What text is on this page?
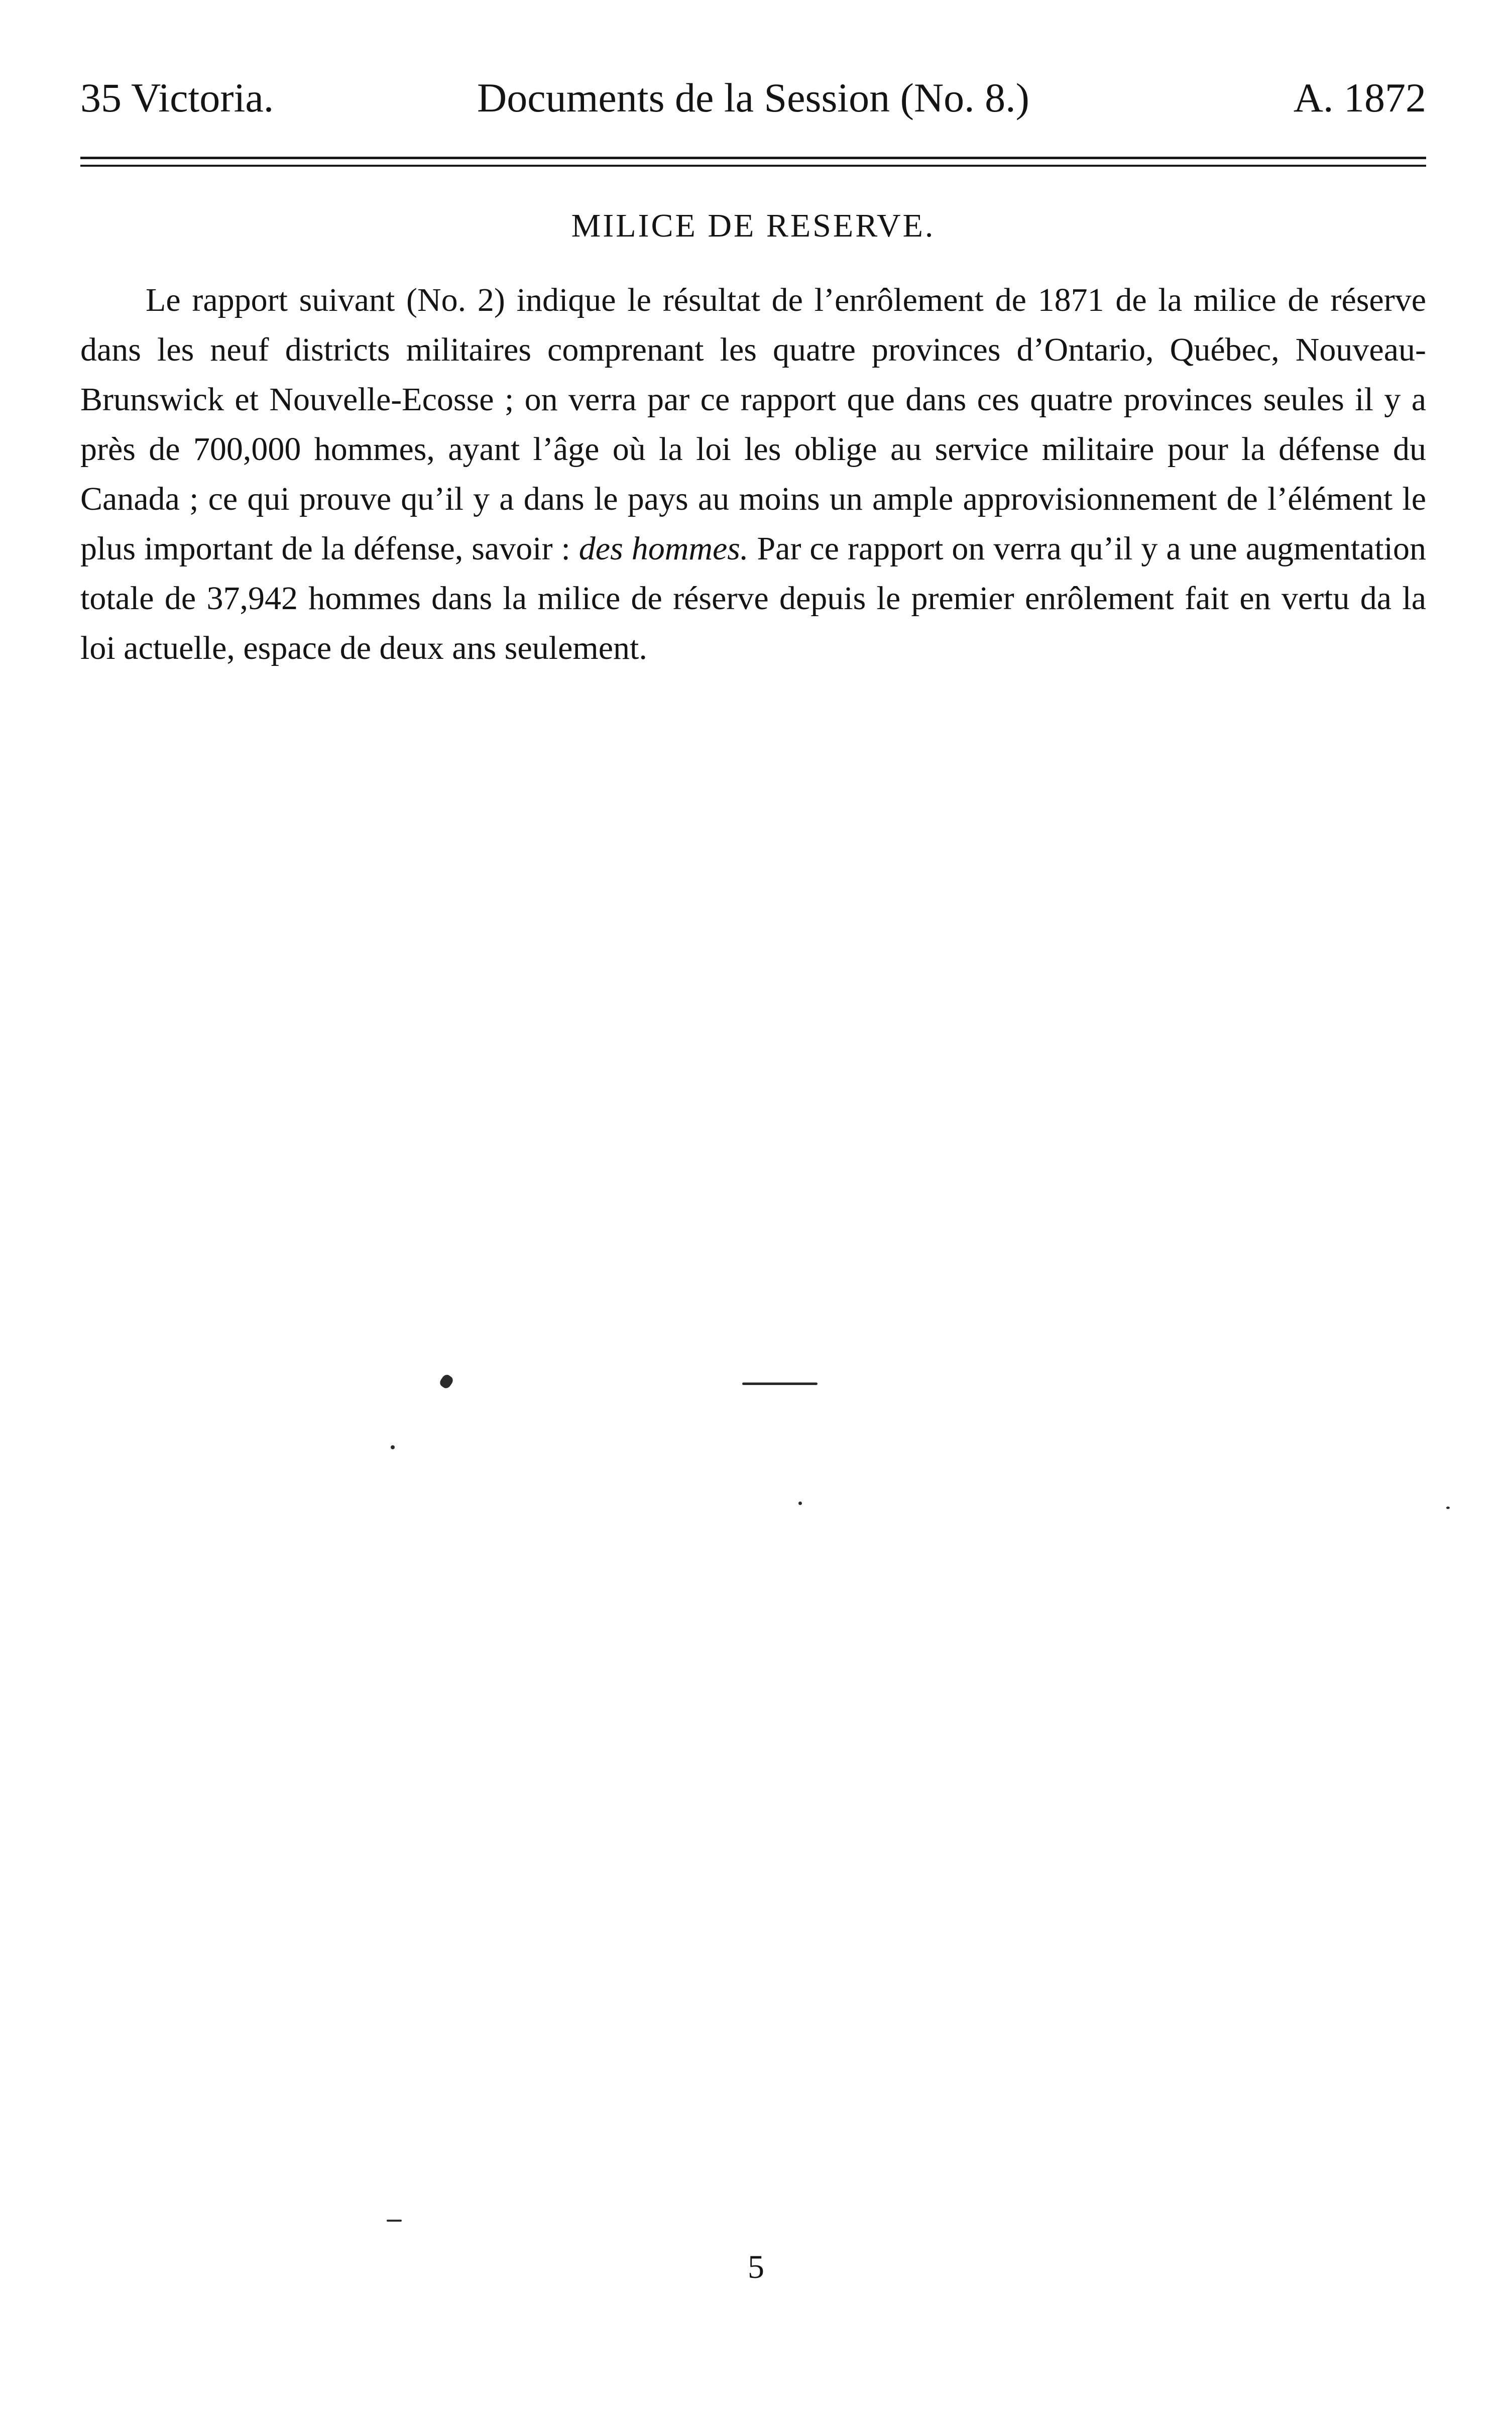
35 Victoria.	Documents de la Session (No. 8.)	A. 1872
MILICE DE RESERVE.

Le rapport suivant (No. 2) indique le résultat de l’enrôlement de 1871 de la milice de réserve dans les neuf districts militaires comprenant les quatre provinces d’Ontario, Québec, Nouveau-Brunswick et Nouvelle-Ecosse ; on verra par ce rapport que dans ces quatre provinces seules il y a près de 700,000 hommes, ayant l’âge où la loi les oblige au service militaire pour la défense du Canada ; ce qui prouve qu’il y a dans le pays au moins un ample approvisionnement de l’élément le plus important de la défense, savoir : des hommes. Par ce rapport on verra qu’il y a une augmentation totale de 37,942 hommes dans la milice de réserve depuis le premier enrôlement fait en vertu da la loi actuelle, espace de deux ans seulement.

5
